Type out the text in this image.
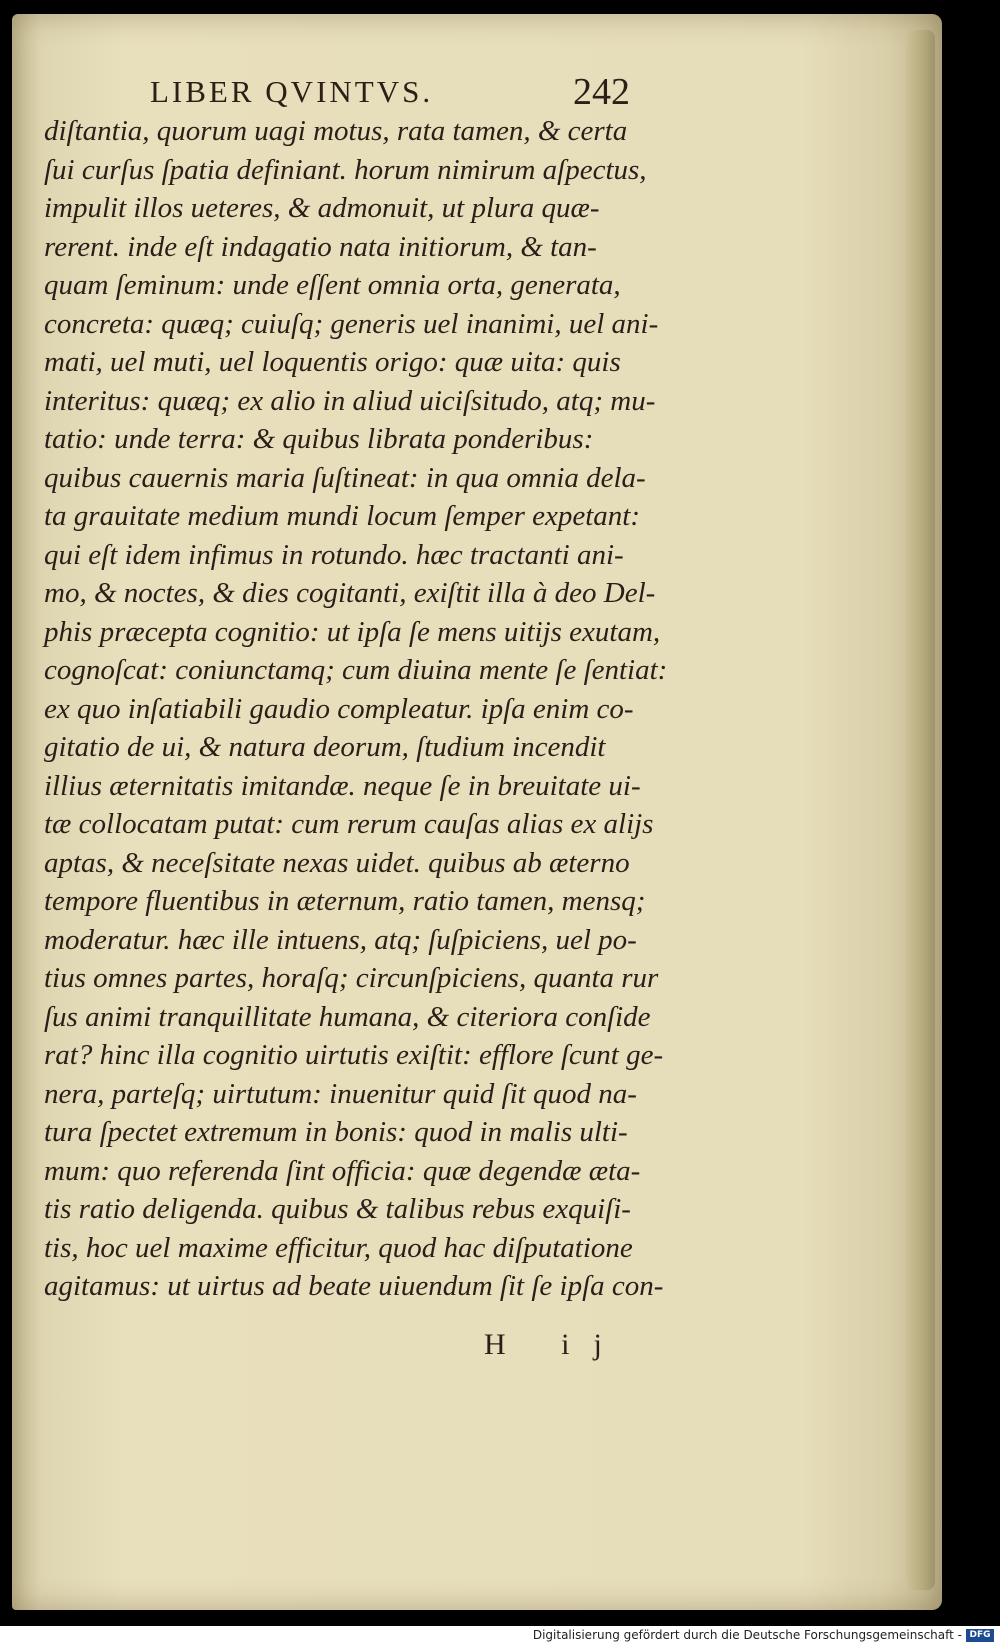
LIBER QVINTVS.	242
diſtantia, quorum uagi motus, rata tamen, & certa
ſui curſus ſpatia definiant. horum nimirum aſpectus,
impulit illos ueteres, & admonuit, ut plura quæ-
rerent. inde eſt indagatio nata initiorum, & tan-
quam ſeminum: unde eſſent omnia orta, generata,
concreta: quæq; cuiuſq; generis uel inanimi, uel ani-
mati, uel muti, uel loquentis origo: quæ uita: quis
interitus: quæq; ex alio in aliud uiciſsitudo, atq; mu-
tatio: unde terra: & quibus librata ponderibus:
quibus cauernis maria ſuſtineat: in qua omnia dela-
ta grauitate medium mundi locum ſemper expetant:
qui eſt idem infimus in rotundo. hæc tractanti ani-
mo, & noctes, & dies cogitanti, exiſtit illa à deo Del-
phis præcepta cognitio: ut ipſa ſe mens uitijs exutam,
cognoſcat: coniunctamq; cum diuina mente ſe ſentiat:
ex quo inſatiabili gaudio compleatur. ipſa enim co-
gitatio de ui, & natura deorum, ſtudium incendit
illius æternitatis imitandæ. neque ſe in breuitate ui-
tæ collocatam putat: cum rerum cauſas alias ex alijs
aptas, & neceſsitate nexas uidet. quibus ab æterno
tempore fluentibus in æternum, ratio tamen, mensq;
moderatur. hæc ille intuens, atq; ſuſpiciens, uel po-
tius omnes partes, horaſq; circunſpiciens, quanta rur
ſus animi tranquillitate humana, & citeriora conſide
rat? hinc illa cognitio uirtutis exiſtit: efflore ſcunt ge-
nera, parteſq; uirtutum: inuenitur quid ſit quod na-
tura ſpectet extremum in bonis: quod in malis ulti-
mum: quo referenda ſint officia: quæ degendæ æta-
tis ratio deligenda. quibus & talibus rebus exquiſi-
tis, hoc uel maxime efficitur, quod hac diſputatione
agitamus: ut uirtus ad beate uiuendum ſit ſe ipſa con-
H ij
Digitalisierung gefördert durch die Deutsche Forschungsgemeinschaft - DFG
